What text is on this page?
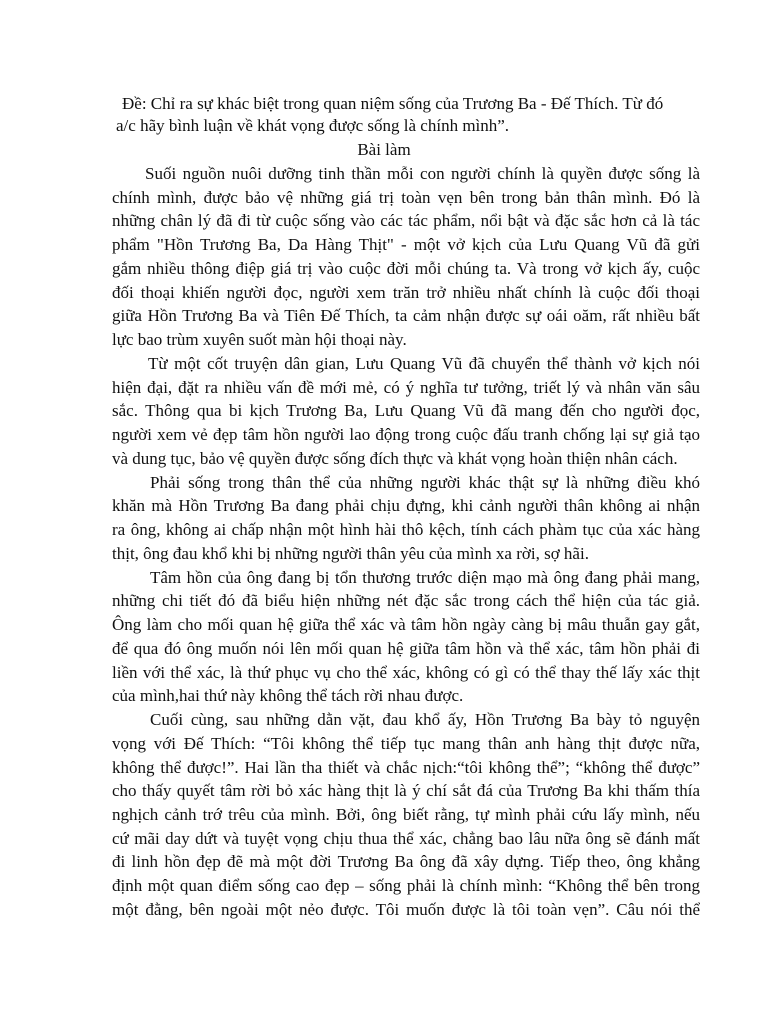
Đề: Chỉ ra sự khác biệt trong quan niệm sống của Trương Ba - Đế Thích. Từ đó
a/c hãy bình luận về khát vọng được sống là chính mình”.
Bài làm
Suối nguồn nuôi dưỡng tinh thần mỗi con người chính là quyền được sống là
chính mình, được bảo vệ những giá trị toàn vẹn bên trong bản thân mình. Đó là
những chân lý đã đi từ cuộc sống vào các tác phẩm, nổi bật và đặc sắc hơn cả là tác
phẩm "Hồn Trương Ba, Da Hàng Thịt" - một vở kịch của Lưu Quang Vũ đã gửi
gắm nhiều thông điệp giá trị vào cuộc đời mỗi chúng ta. Và trong vở kịch ấy, cuộc
đối thoại khiến người đọc, người xem trăn trở nhiều nhất chính là cuộc đối thoại
giữa Hồn Trương Ba và Tiên Đế Thích, ta cảm nhận được sự oái oăm, rất nhiều bất
lực bao trùm xuyên suốt màn hội thoại này.
Từ một cốt truyện dân gian, Lưu Quang Vũ đã chuyển thể thành vở kịch nói
hiện đại, đặt ra nhiều vấn đề mới mẻ, có ý nghĩa tư tưởng, triết lý và nhân văn sâu
sắc. Thông qua bi kịch Trương Ba, Lưu Quang Vũ đã mang đến cho người đọc,
người xem vẻ đẹp tâm hồn người lao động trong cuộc đấu tranh chống lại sự giả tạo
và dung tục, bảo vệ quyền được sống đích thực và khát vọng hoàn thiện nhân cách.
Phải sống trong thân thể của những người khác thật sự là những điều khó
khăn mà Hồn Trương Ba đang phải chịu đựng, khi cảnh người thân không ai nhận
ra ông, không ai chấp nhận một hình hài thô kệch, tính cách phàm tục của xác hàng
thịt, ông đau khổ khi bị những người thân yêu của mình xa rời, sợ hãi.
Tâm hồn của ông đang bị tổn thương trước diện mạo mà ông đang phải mang,
những chi tiết đó đã biểu hiện những nét đặc sắc trong cách thể hiện của tác giả.
Ông làm cho mối quan hệ giữa thể xác và tâm hồn ngày càng bị mâu thuẫn gay gắt,
để qua đó ông muốn nói lên mối quan hệ giữa tâm hồn và thể xác, tâm hồn phải đi
liền với thể xác, là thứ phục vụ cho thể xác, không có gì có thể thay thế lấy xác thịt
của mình,hai thứ này không thể tách rời nhau được.
Cuối cùng, sau những dằn vặt, đau khổ ấy, Hồn Trương Ba bày tỏ nguyện
vọng với Đế Thích: “Tôi không thể tiếp tục mang thân anh hàng thịt được nữa,
không thể được!”. Hai lần tha thiết và chắc nịch:“tôi không thể”; “không thể được”
cho thấy quyết tâm rời bỏ xác hàng thịt là ý chí sắt đá của Trương Ba khi thấm thía
nghịch cảnh trớ trêu của mình. Bởi, ông biết rằng, tự mình phải cứu lấy mình, nếu
cứ mãi day dứt và tuyệt vọng chịu thua thể xác, chẳng bao lâu nữa ông sẽ đánh mất
đi linh hồn đẹp đẽ mà một đời Trương Ba ông đã xây dựng. Tiếp theo, ông khẳng
định một quan điểm sống cao đẹp – sống phải là chính mình: “Không thể bên trong
một đằng, bên ngoài một nẻo được. Tôi muốn được là tôi toàn vẹn”. Câu nói thể
